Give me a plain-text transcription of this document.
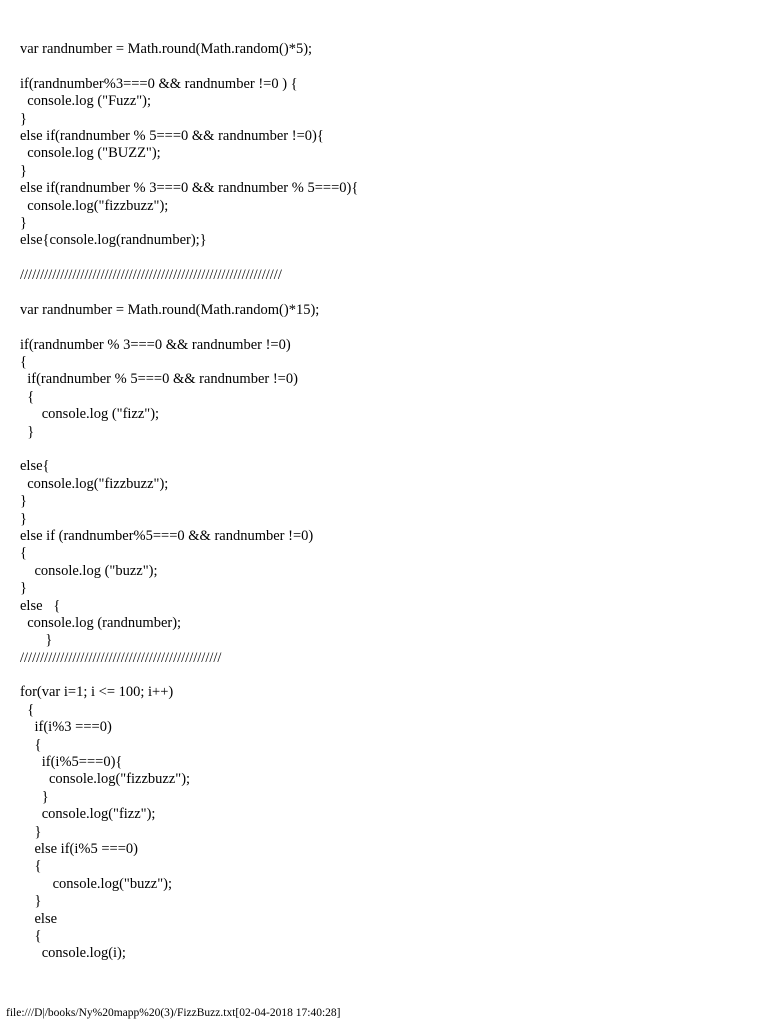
var randnumber = Math.round(Math.random()*5);
if(randnumber%3===0 && randnumber !=0 ) {
console.log ("Fuzz");
}
else if(randnumber % 5===0 && randnumber !=0){
console.log ("BUZZ");
}
else if(randnumber % 3===0 && randnumber % 5===0){
console.log("fizzbuzz");
}
else{console.log(randnumber);}
/////////////////////////////////////////////////////////////////
var randnumber = Math.round(Math.random()*15);
if(randnumber % 3===0 && randnumber !=0)
{
if(randnumber % 5===0 && randnumber !=0)
{
console.log ("fizz");
}
else{
console.log("fizzbuzz");
}
}
else if (randnumber%5===0 && randnumber !=0)
{
console.log ("buzz");
}
else   {
console.log (randnumber);
}
//////////////////////////////////////////////////
for(var i=1; i <= 100; i++)
{
if(i%3 ===0)
{
if(i%5===0){
console.log("fizzbuzz");
}
console.log("fizz");
}
else if(i%5 ===0)
{
console.log("buzz");
}
else
{
console.log(i);
file:///D|/books/Ny%20mapp%20(3)/FizzBuzz.txt[02-04-2018 17:40:28]
